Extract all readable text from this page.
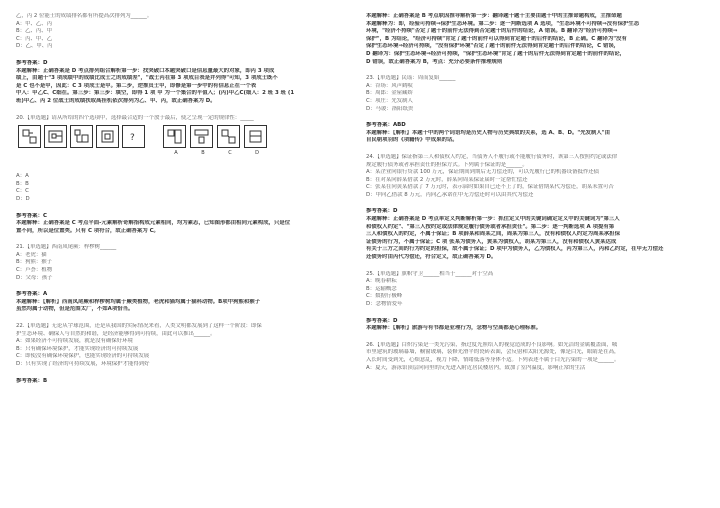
乙，丙 2 位能士的成绩排名都有所提高次排列为______。
A：甲、乙、丙
B：乙、丙、甲
C：丙、甲、乙
D：乙、甲、丙
参考答案：D
本题解释：正确答案是 D 考点排列组合解析第一步：找突破口本题突破口是信息量最大的对象，即丙 3 项成
绩上，由题干"3 项成绩中的成绩比成士之的成绩差"，"战士丙在第 3 项成目表是并列得"可知，3 项成士既不
是 C 也不是甲，因此：C 3 项成士是甲。第二步，逆推员士甲，即修是第一步中的有信息正在一个表
中入：甲乙C、C细在。第三步：第三步：填空，即得 1 项 甲 为一个集合的平值入；(丙)甲乙C(细入：2 班 3 班 (1
班)甲乙、丙 2 位战士的成绩扶取高挂机依次排列为乙、甲、丙，故正确答案为 D。
20.【单选题】请从所给的四个选项中，选择最合适的一个放于最后，使之呈现一定的规律性：_____
?
A	B	C	D
A：A
B：B
C：C
D：D
参考答案：C
本题解释：正确答案是 C 考点平面-元素解析奇解指构成元素相同，均为素志，已知图形都由相同元素构成，只是位
置不同，所以是位置类。只有 C 项符合，故正确答案为 C。
21.【单选题】西南凤尾蕨：梓椤树______
A：老虎：猫
B：狗熊：猴子
C：芦荟：植物
D：父母：孩子
参考答案：A
本题解释：【解析】西南凤尾蕨和梓椤树均属于蕨类植物，老虎和猫均属于猫科动物。B项中狗熊和猴子
虽然均属于动物，但是范围太广，不如A项恰当。
22.【单选题】无论从宇球范围，还是从我国的实际情况来看，人类文明都发展到了这样一个阶段：即保
护生态环境、确保人与自然的和谐，是经济能够得到可持续，由此可以推出______。
A：如果经济不可持续发展，就是没有确保好环境
B：只有确保环境保护，才能实现经济的可持续发展
C：即使没有确保环境保护，也能实现经济的可持续发展
D：只有实现了经济的可持续发展，环境保护才能得到好
参考答案：B
本题解释：正确答案是 B 考点联因推导解析第一步：翻译题干题干主要由题干中的主推命题构成，主推命题
本题解释为：即，经验可持续⇒保护生态环境。第二步：逐一判断选项 A 选项，"生态环境不可持续⇒没有保护生态
环境，"经济不持续"否定了题干的前件无法得到否定题干的后件的结论，A 错误。B 翻译为"经济可持续⇒
保护"，B 为结论，"经济可持续"肯定了题干的前件可以得到肯定题干的后件的结论，B 正确。C 翻译为"没有
保护生态环境⇒经济可持续，"没有保护环境"否定了题干的前件无法得到肯定题干的后件的结论，C 错误，
D 翻译为：保护生态环境⇒经济可持续，"保护生态环境"肯定了题干的后件无法得到肯定题干的前件的结论，
D 错误，故正确答案为 B，考点：充分必要条件推理规则
23.【单选题】民谣：周而复始______
A：谷场：风声鹤唳
B：周郎：金屋藏娇
C：项庄：先发制人
D：马谡：洛阳纸贵
参考答案：ABD
本题解释：【解析】本题干中的两个词语均是历史人物与历史典故的关系，选 A、B、D。"先发制人"由
自民朝项羽的《项籍传》中成果的话。
24.【单选题】保证指第三人和债权人约定，当债务人不履行或不能履行债务时，该第三人按照约定或法律
规定履行债务或者承担责任的担保方式。下列属于保证的是______。
A：某企业向银行贷款 100 万元，保证期间到期后无力偿还的，可以先履行已的机器设备抵作还债
B：在对某向薛某借款 2 万元时，薛某向周某保证届时一定帮忙偿还
C：张某在向黄某借款了 7 万元时，表示届时如果自已还不上了的，保证借期某代为偿还，胡某未置可否
D：甲向乙借款 8 万元，丙向乙承诺在甲无力偿还时可以由其代为偿还
参考答案：D
本题解释：正确答案是 D 考点单定义判断解析第一步：抓住定义中的关键词确定定义中的关键词为"第三人
和债权人约定"、"第三人按约定或法律规定履行债务或者承担责任"。第二步：逐一判断选项 A 项提有第
三人和债权人的约定，不属于保证；B 项薛某和周某之间，周某为第三人，没有和债权人约定为周某承担保
证债务的行为，不属于保证；C 项 张某为债务人，黄某为债权人，胡某为第三人，没有和债权人黄某达成
有关于三方之间的行为约定的担保，故不属于保证；D 项甲为债务人，乙为债权人，丙为第三人，丙和乙约定，在甲无力偿还
还债务时由丙代为偿还，符合定义，故正确答案为 D。
25.【单选题】旗帜守卫______相当于______对于空高
A：晚春耕耘
B：运输概念
C：数据行极峰
D：念物情爱年
参考答案：D
本题解释：【解析】旅游与有书都是业理行为，念物与空高都是心理标准。
26.【单选题】白炽污染是一类光污染，指过度光照给人的视觉造成的不良影响。如光洁的金属覆盖面，城
市里建筑的玻璃幕墙，橱窗玻璃，装修光滑平的瓷砖表面，会反射和太阳光源处，像是白光，眼睛是在高，
入长时间受到光，心烦意乱，视力下降，情绪低落等身体不适。下列表述不属于白光污染的一项是______。
A：夏天，游泳馆顶层向同里的反光进入附近居民楼居内，致加了室内温度，影响正常的生活
